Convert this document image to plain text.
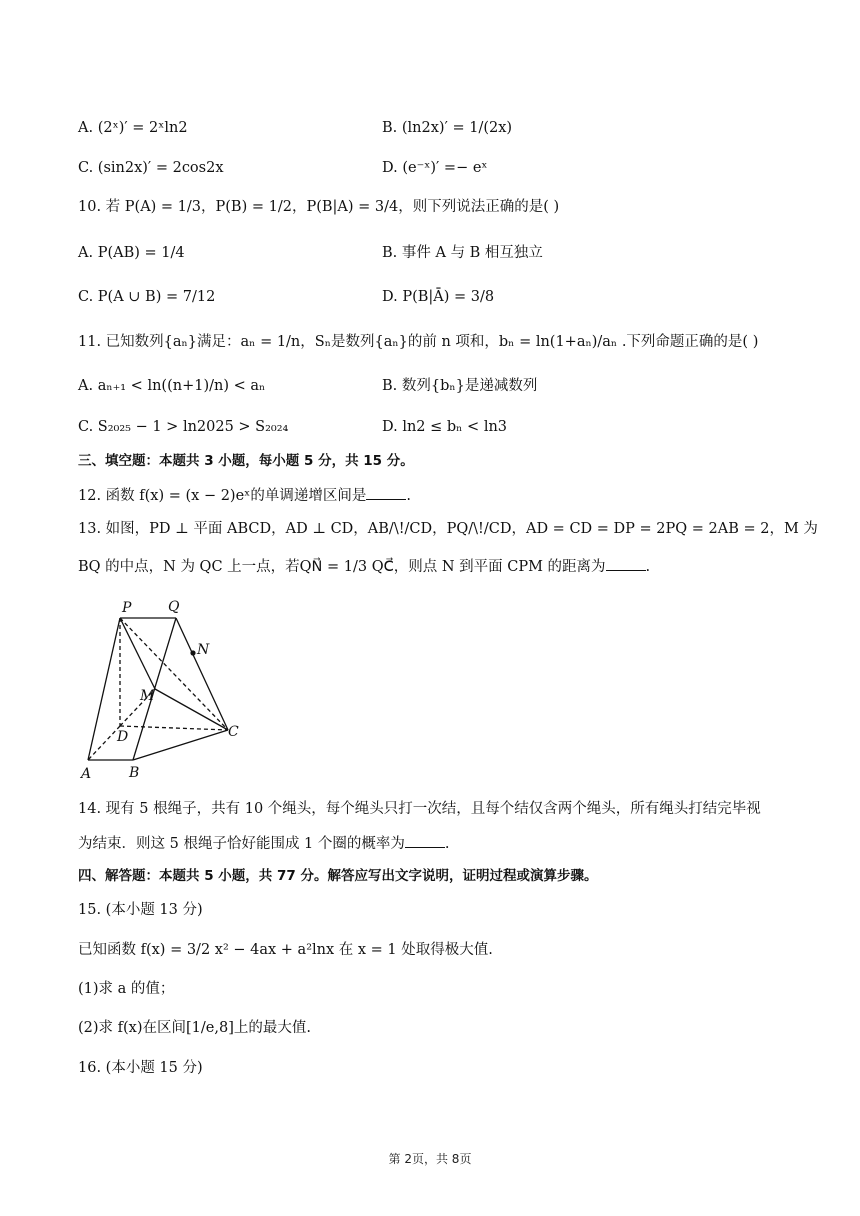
A. (2ˣ)′ = 2ˣln2	B. (ln2x)′ = 1/(2x)
C. (sin2x)′ = 2cos2x	D. (e⁻ˣ)′ =− eˣ
10. 若 P(A) = 1/3，P(B) = 1/2，P(B|A) = 3/4，则下列说法正确的是( )
A. P(AB) = 1/4	B. 事件 A 与 B 相互独立
C. P(A ∪ B) = 7/12	D. P(B|Ā) = 3/8
11. 已知数列{aₙ}满足：aₙ = 1/n，Sₙ是数列{aₙ}的前 n 项和，bₙ = ln(1+aₙ)/aₙ .下列命题正确的是( )
A. aₙ₊₁ < ln((n+1)/n) < aₙ	B. 数列{bₙ}是递减数列
C. S₂₀₂₅ − 1 > ln2025 > S₂₀₂₄	D. ln2 ≤ bₙ < ln3
三、填空题：本题共 3 小题，每小题 5 分，共 15 分。
12. 函数 f(x) = (x − 2)eˣ的单调递增区间是	.
13. 如图，PD ⊥ 平面 ABCD，AD ⊥ CD，AB/\!/CD，PQ/\!/CD，AD = CD = DP = 2PQ = 2AB = 2，M 为
BQ 的中点，N 为 QC 上一点，若QN⃗ = 1/3 QC⃗，则点 N 到平面 CPM 的距离为	.
P	Q
N
M
D	C
A	B
14. 现有 5 根绳子，共有 10 个绳头，每个绳头只打一次结，且每个结仅含两个绳头，所有绳头打结完毕视
为结束．则这 5 根绳子恰好能围成 1 个圈的概率为	.
四、解答题：本题共 5 小题，共 77 分。解答应写出文字说明，证明过程或演算步骤。
15. (本小题 13 分)
已知函数 f(x) = 3/2 x² − 4ax + a²lnx 在 x = 1 处取得极大值.
(1)求 a 的值；
(2)求 f(x)在区间[1/e,8]上的最大值.
16. (本小题 15 分)
第 2页，共 8页
